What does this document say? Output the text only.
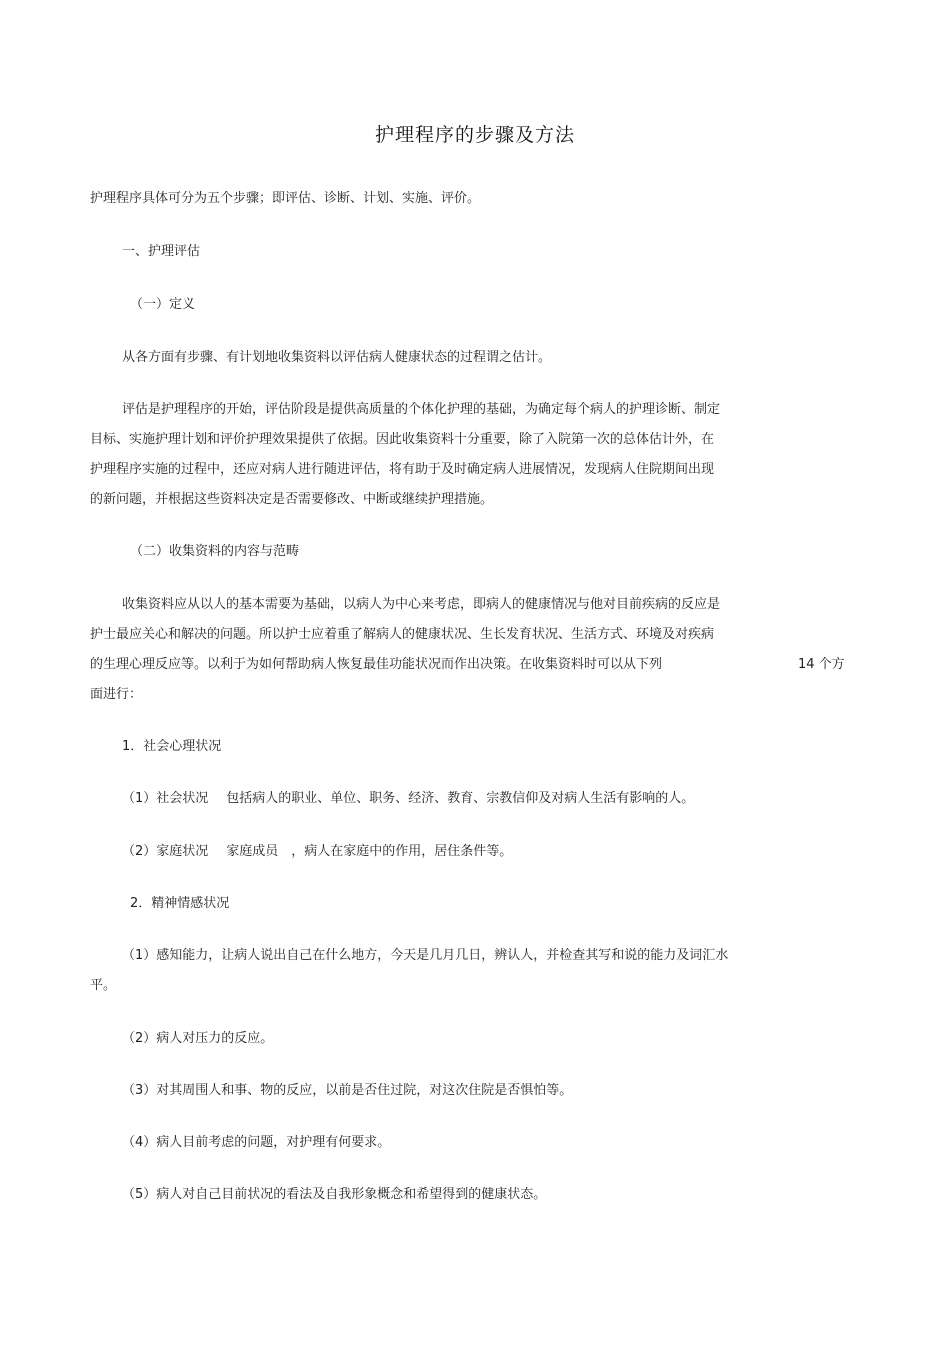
护理程序的步骤及方法
护理程序具体可分为五个步骤；即评估、诊断、计划、实施、评价。
一、护理评估
（一）定义
从各方面有步骤、有计划地收集资料以评估病人健康状态的过程谓之估计。
评估是护理程序的开始，评估阶段是提供高质量的个体化护理的基础，为确定每个病人的护理诊断、制定
目标、实施护理计划和评价护理效果提供了依据。因此收集资料十分重要，除了入院第一次的总体估计外，在
护理程序实施的过程中，还应对病人进行随进评估，将有助于及时确定病人进展情况，发现病人住院期间出现
的新问题，并根据这些资料决定是否需要修改、中断或继续护理措施。
（二）收集资料的内容与范畴
收集资料应从以人的基本需要为基础，以病人为中心来考虑，即病人的健康情况与他对目前疾病的反应是
护士最应关心和解决的问题。所以护士应着重了解病人的健康状况、生长发育状况、生活方式、环境及对疾病
的生理心理反应等。以利于为如何帮助病人恢复最佳功能状况而作出决策。在收集资料时可以从下列	14 个方
面进行：
1．社会心理状况
（1）社会状况 包括病人的职业、单位、职务、经济、教育、宗教信仰及对病人生活有影响的人。
（2）家庭状况 家庭成员　，病人在家庭中的作用，居住条件等。
2．精神情感状况
（1）感知能力，让病人说出自己在什么地方，今天是几月几日，辨认人，并检查其写和说的能力及词汇水
平。
（2）病人对压力的反应。
（3）对其周围人和事、物的反应，以前是否住过院，对这次住院是否惧怕等。
（4）病人目前考虑的问题，对护理有何要求。
（5）病人对自己目前状况的看法及自我形象概念和希望得到的健康状态。
